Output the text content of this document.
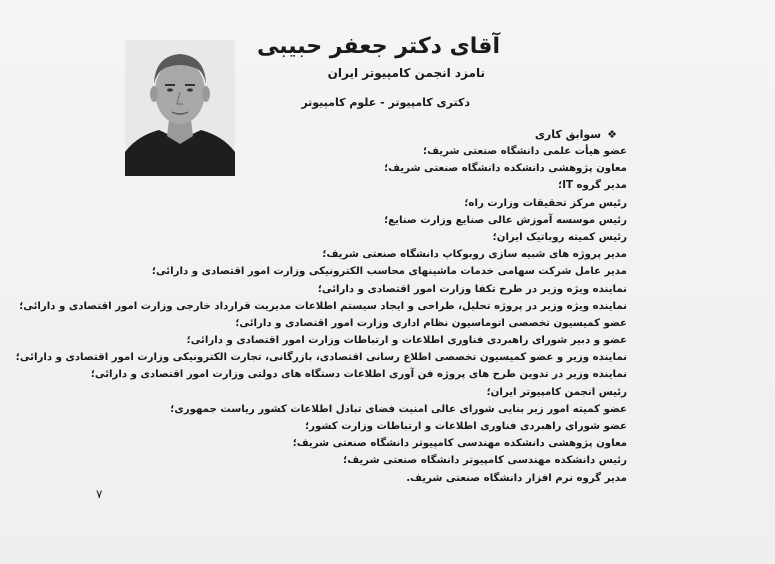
آقای دکتر جعفر حبیبی
نامزد انجمن کامپیوتر ایران
دکتری کامپیوتر - علوم کامپیوتر
❖سوابق کاری
عضو هیأت علمی دانشگاه صنعتی شریف؛
معاون پژوهشی دانشکده دانشگاه صنعتی شریف؛
مدیر گروه IT؛
رئیس مرکز تحقیقات وزارت راه؛
رئیس موسسه آموزش عالی صنایع وزارت صنایع؛
رئیس کمیته روباتیک ایران؛
مدیر پروژه های شبیه سازی روبوکاپ دانشگاه صنعتی شریف؛
مدیر عامل شرکت سهامی خدمات ماشینهای محاسب الکترونیکی وزارت امور اقتصادی و دارائی؛
نماینده ویژه وزیر در طرح تکفا وزارت امور اقتصادی و دارائی؛
نماینده ویژه وزیر در پروژه تحلیل، طراحی و ایجاد سیستم اطلاعات مدیریت قرارداد خارجی وزارت امور اقتصادی و دارائی؛
عضو کمیسیون تخصصی اتوماسیون نظام اداری وزارت امور اقتصادی و دارائی؛
عضو و دبیر شورای راهبردی فناوری اطلاعات و ارتباطات وزارت امور اقتصادی و دارائی؛
نماینده وزیر و عضو کمیسیون تخصصی اطلاع رسانی اقتصادی، بازرگانی، تجارت الکترونیکی وزارت امور اقتصادی و دارائی؛
نماینده وزیر در تدوین طرح های پروژه فن آوری اطلاعات دستگاه های دولتی وزارت امور اقتصادی و دارائی؛
رئیس انجمن کامپیوتر ایران؛
عضو کمیته امور زیر بنایی شورای عالی امنیت فضای تبادل اطلاعات کشور ریاست جمهوری؛
عضو شورای راهبردی فناوری اطلاعات و ارتباطات وزارت کشور؛
معاون پژوهشی دانشکده مهندسی کامپیوتر دانشگاه صنعتی شریف؛
رئیس دانشکده مهندسی کامپیوتر دانشگاه صنعتی شریف؛
مدیر گروه نرم افزار دانشگاه صنعتی شریف.
۷
